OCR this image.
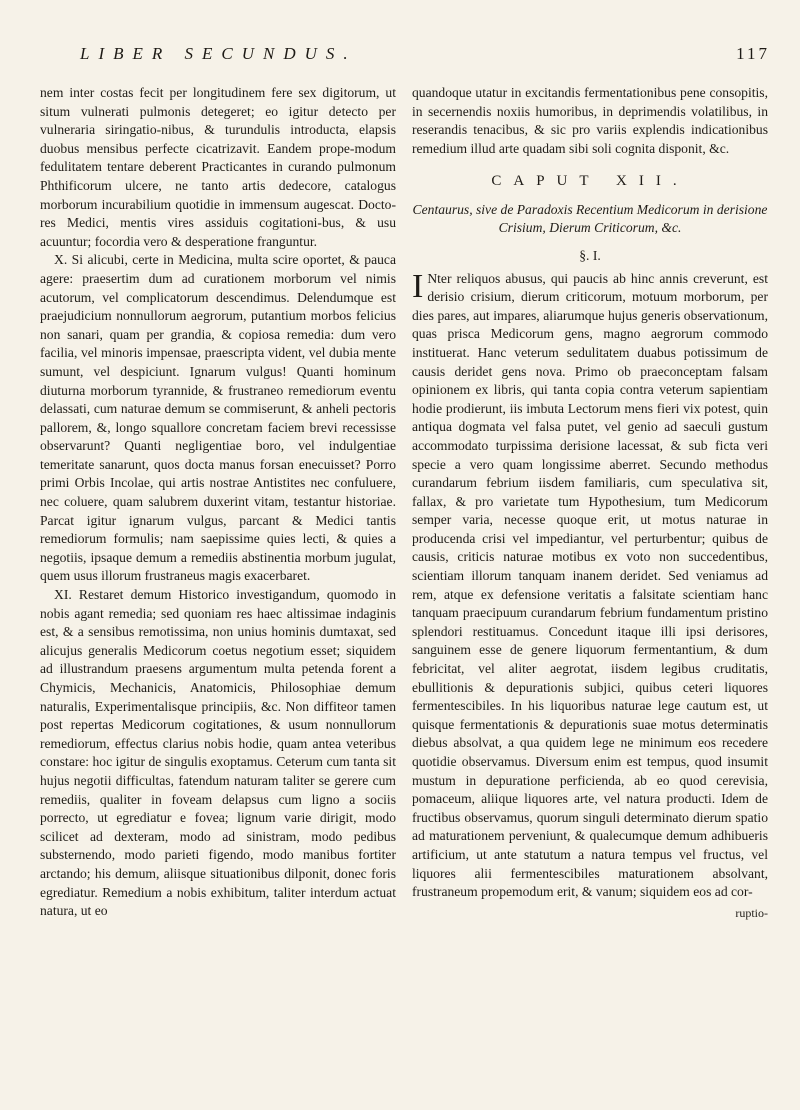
LIBER SECUNDUS.	117

nem inter costas fecit per longitudinem fere sex digitorum, ut situm vulnerati pulmonis detegeret; eo igitur detecto per vulneraria siringatio-nibus, & turundulis introducta, elapsis duobus mensibus perfecte cicatrizavit. Eandem prope-modum fedulitatem tentare deberent Practicantes in curando pulmonum Phthificorum ulcere, ne tanto artis dedecore, catalogus morborum incurabilium quotidie in immensum augescat. Docto-res Medici, mentis vires assiduis cogitationi-bus, & usu acuuntur; focordia vero & desperatione franguntur.

X. Si alicubi, certe in Medicina, multa scire oportet, & pauca agere: praesertim dum ad curationem morborum vel nimis acutorum, vel complicatorum descendimus. Delendumque est praejudicium nonnullorum aegrorum, putantium morbos felicius non sanari, quam per grandia, & copiosa remedia: dum vero facilia, vel minoris impensae, praescripta vident, vel dubia mente sumunt, vel despiciunt. Ignarum vulgus! Quanti hominum diuturna morborum tyrannide, & frustraneo remediorum eventu delassati, cum naturae demum se commiserunt, & anheli pectoris pallorem, &, longo squallore concretam faciem brevi recessisse observarunt? Quanti negligentiae boro, vel indulgentiae temeritate sanarunt, quos docta manus forsan enecuisset? Porro primi Orbis Incolae, qui artis nostrae Antistites nec confuluere, nec coluere, quam salubrem duxerint vitam, testantur historiae. Parcat igitur ignarum vulgus, parcant & Medici tantis remediorum formulis; nam saepissime quies lecti, & quies a negotiis, ipsaque demum a remediis abstinentia morbum jugulat, quem usus illorum frustraneus magis exacerbaret.

XI. Restaret demum Historico investigandum, quomodo in nobis agant remedia; sed quoniam res haec altissimae indaginis est, & a sensibus remotissima, non unius hominis dumtaxat, sed alicujus generalis Medicorum coetus negotium esset; siquidem ad illustrandum praesens argumentum multa petenda forent a Chymicis, Mechanicis, Anatomicis, Philosophiae demum naturalis, Experimentalisque principiis, &c. Non diffiteor tamen post repertas Medicorum cogitationes, & usum nonnullorum remediorum, effectus clarius nobis hodie, quam antea veteribus constare: hoc igitur de singulis exoptamus. Ceterum cum tanta sit hujus negotii difficultas, fatendum naturam taliter se gerere cum remediis, qualiter in foveam delapsus cum ligno a sociis porrecto, ut egrediatur e fovea; lignum varie dirigit, modo scilicet ad dexteram, modo ad sinistram, modo pedibus substernendo, modo parieti figendo, modo manibus fortiter arctando; his demum, aliisque situationibus dilponit, donec foris egrediatur. Remedium a nobis exhibitum, taliter interdum actuat natura, ut eo

quandoque utatur in excitandis fermentationibus pene consopitis, in secernendis noxiis humoribus, in deprimendis volatilibus, in reserandis tenacibus, & sic pro variis explendis indicationibus remedium illud arte quadam sibi soli cognita disponit, &c.

CAPUT XII.
Centaurus, sive de Paradoxis Recentium Medicorum in derisione Crisium, Dierum Criticorum, &c.
§. I.

I Nter reliquos abusus, qui paucis ab hinc annis creverunt, est derisio crisium, dierum criticorum, motuum morborum, per dies pares, aut impares, aliarumque hujus generis observationum, quas prisca Medicorum gens, magno aegrorum commodo instituerat. Hanc veterum sedulitatem duabus potissimum de causis deridet gens nova. Primo ob praeconceptam falsam opinionem ex libris, qui tanta copia contra veterum sapientiam hodie prodierunt, iis imbuta Lectorum mens fieri vix potest, quin antiqua dogmata vel falsa putet, vel genio ad saeculi gustum accommodato turpissima derisione lacessat, & sub ficta veri specie a vero quam longissime aberret. Secundo methodus curandarum febrium iisdem familiaris, cum speculativa sit, fallax, & pro varietate tum Hypothesium, tum Medicorum semper varia, necesse quoque erit, ut motus naturae in producenda crisi vel impediantur, vel perturbentur; quibus de causis, criticis naturae motibus ex voto non succedentibus, scientiam illorum tanquam inanem deridet. Sed veniamus ad rem, atque ex defensione veritatis a falsitate scientiam hanc tanquam praecipuum curandarum febrium fundamentum pristino splendori restituamus. Concedunt itaque illi ipsi derisores, sanguinem esse de genere liquorum fermentantium, & dum febricitat, vel aliter aegrotat, iisdem legibus cruditatis, ebullitionis & depurationis subjici, quibus ceteri liquores fermentescibiles. In his liquoribus naturae lege cautum est, ut quisque fermentationis & depurationis suae motus determinatis diebus absolvat, a qua quidem lege ne minimum eos recedere quotidie observamus. Diversum enim est tempus, quod insumit mustum in depuratione perficienda, ab eo quod cerevisia, pomaceum, aliique liquores arte, vel natura producti. Idem de fructibus observamus, quorum singuli determinato dierum spatio ad maturationem perveniunt, & qualecumque demum adhibueris artificium, ut ante statutum a natura tempus vel fructus, vel liquores alii fermentescibiles maturationem absolvant, frustraneum propemodum erit, & vanum; siquidem eos ad cor-

ruptio-
